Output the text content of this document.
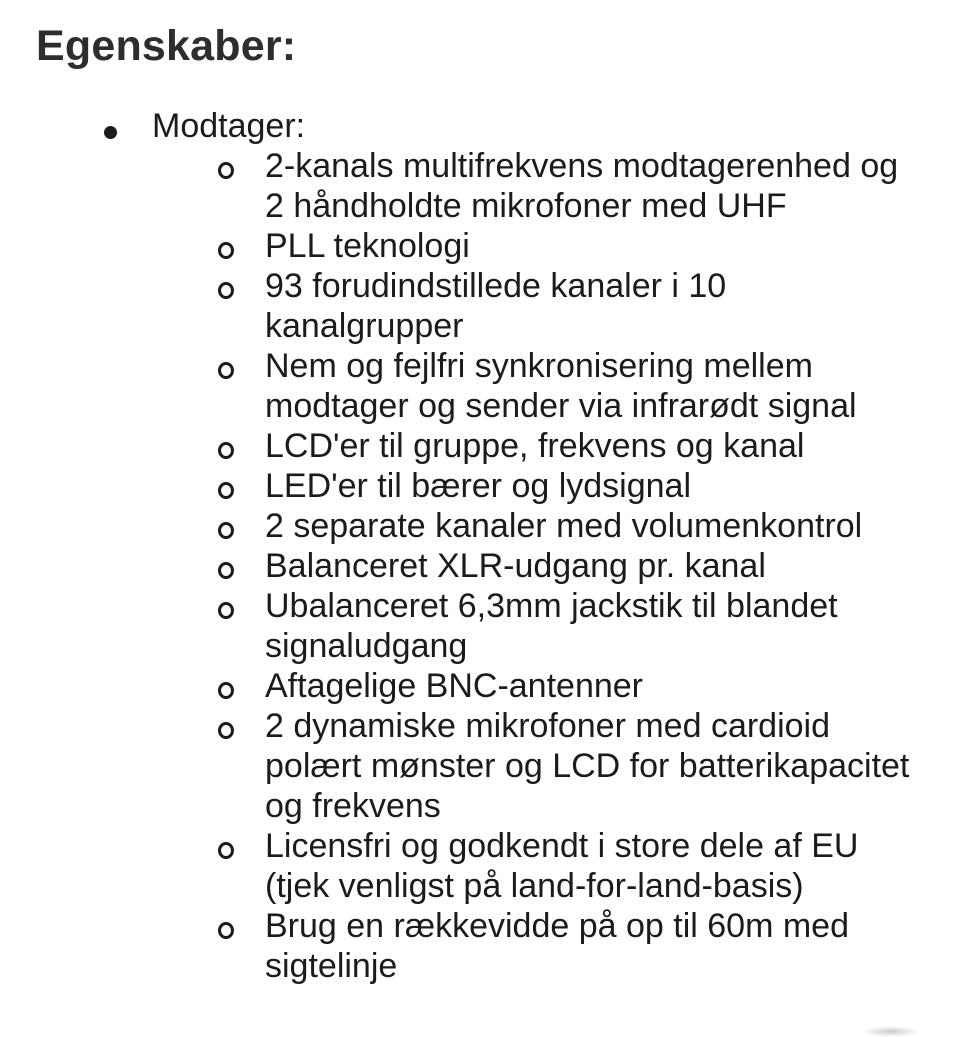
Egenskaber:
Modtager:
2-kanals multifrekvens modtagerenhed og
2 håndholdte mikrofoner med UHF
PLL teknologi
93 forudindstillede kanaler i 10
kanalgrupper
Nem og fejlfri synkronisering mellem
modtager og sender via infrarødt signal
LCD'er til gruppe, frekvens og kanal
LED'er til bærer og lydsignal
2 separate kanaler med volumenkontrol
Balanceret XLR-udgang pr. kanal
Ubalanceret 6,3mm jackstik til blandet
signaludgang
Aftagelige BNC-antenner
2 dynamiske mikrofoner med cardioid
polært mønster og LCD for batterikapacitet
og frekvens
Licensfri og godkendt i store dele af EU
(tjek venligst på land-for-land-basis)
Brug en rækkevidde på op til 60m med
sigtelinje
